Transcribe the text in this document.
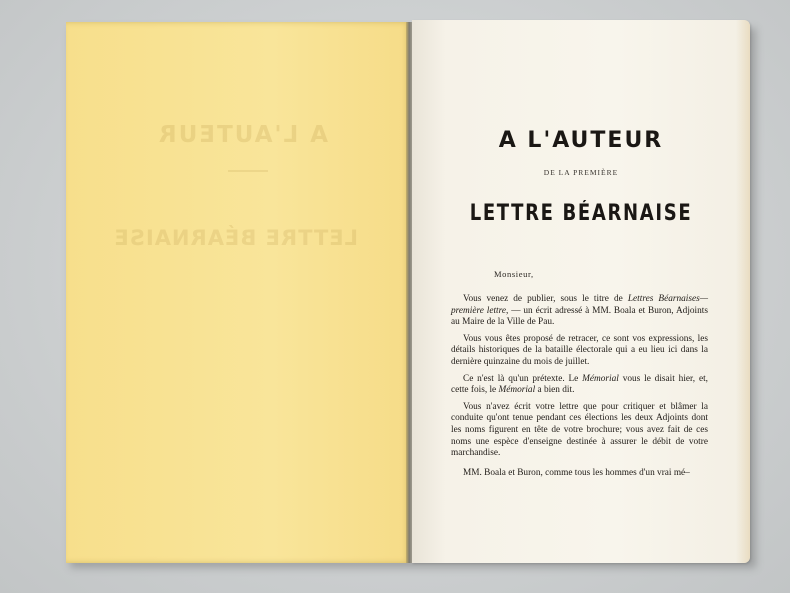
A L'AUTEUR
LETTRE BÉARNAISE
A L'AUTEUR
DE LA PREMIÈRE
LETTRE BÉARNAISE
Monsieur,

Vous venez de publier, sous le titre de Lettres Béarnaises— première lettre, — un écrit adressé à MM. Boala et Buron, Adjoints au Maire de la Ville de Pau.

Vous vous êtes proposé de retracer, ce sont vos expressions, les détails historiques de la bataille électorale qui a eu lieu ici dans la dernière quinzaine du mois de juillet.

Ce n'est là qu'un prétexte. Le Mémorial vous le disait hier, et, cette fois, le Mémorial a bien dit.

Vous n'avez écrit votre lettre que pour critiquer et blâmer la conduite qu'ont tenue pendant ces élections les deux Adjoints dont les noms figurent en tête de votre brochure; vous avez fait de ces noms une espèce d'enseigne destinée à assurer le débit de votre marchandise.

MM. Boala et Buron, comme tous les hommes d'un vrai mé–
